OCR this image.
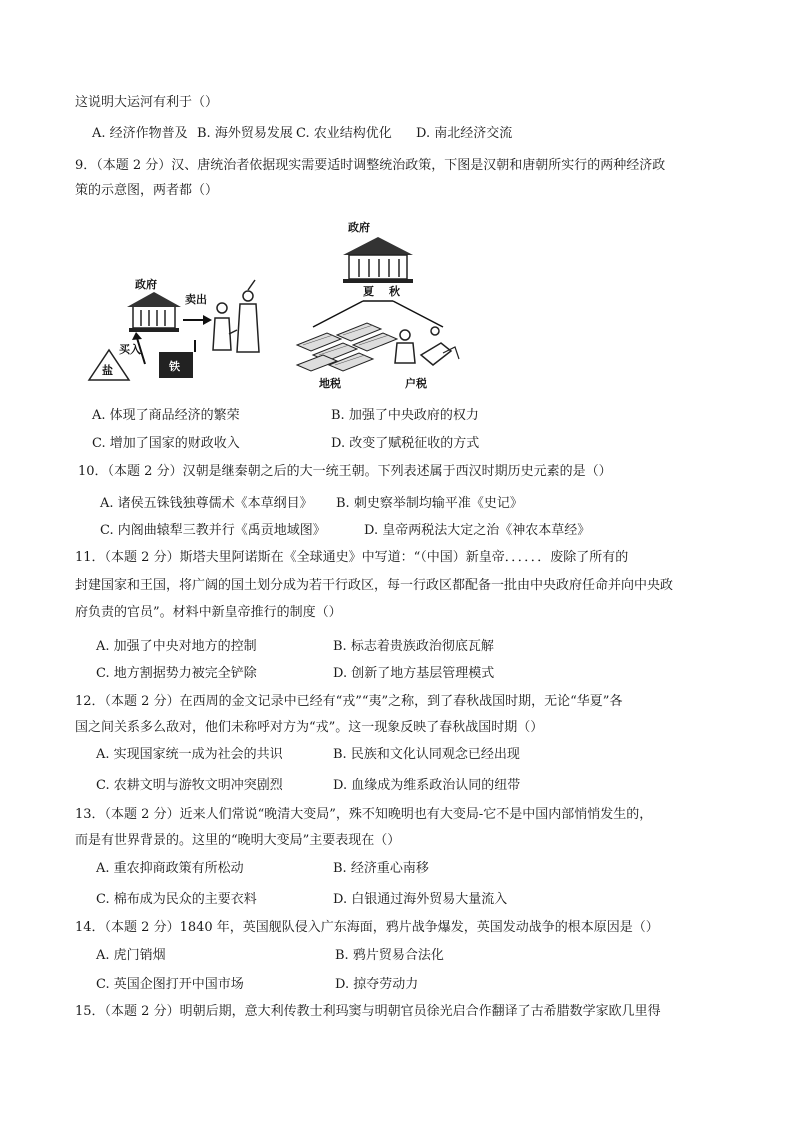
这说明大运河有利于（）
A. 经济作物普及 B. 海外贸易发展 C. 农业结构优化 D. 南北经济交流
9．（本题 2 分）汉、唐统治者依据现实需要适时调整统治政策，下图是汉朝和唐朝所实行的两种经济政
策的示意图，两者都（）
政府
卖出
买入
盐	铁
政府
夏 秋
地税	户税
A. 体现了商品经济的繁荣	B. 加强了中央政府的权力
C. 增加了国家的财政收入	D. 改变了赋税征收的方式
10．（本题 2 分）汉朝是继秦朝之后的大一统王朝。下列表述属于西汉时期历史元素的是（）
A. 诸侯五铢钱独尊儒术《本草纲目》 B. 刺史察举制均输平准《史记》
C. 内阁曲辕犁三教并行《禹贡地域图》	D. 皇帝两税法大定之治《神农本草经》
11．（本题 2 分）斯塔夫里阿诺斯在《全球通史》中写道：“（中国）新皇帝．．．．．．废除了所有的
封建国家和王国，将广阔的国土划分成为若干行政区，每一行政区都配备一批由中央政府任命并向中央政
府负责的官员”。材料中新皇帝推行的制度（）
A. 加强了中央对地方的控制	B. 标志着贵族政治彻底瓦解
C. 地方割据势力被完全铲除	D. 创新了地方基层管理模式
12．（本题 2 分）在西周的金文记录中已经有“戎”“夷”之称，到了春秋战国时期，无论“华夏”各
国之间关系多么敌对，他们未称呼对方为“戎”。这一现象反映了春秋战国时期（）
A. 实现国家统一成为社会的共识	B. 民族和文化认同观念已经出现
C. 农耕文明与游牧文明冲突剧烈	D. 血缘成为维系政治认同的纽带
13．（本题 2 分）近来人们常说“晚清大变局”，殊不知晚明也有大变局-它不是中国内部悄悄发生的，
而是有世界背景的。这里的“晚明大变局”主要表现在（）
A. 重农抑商政策有所松动	B. 经济重心南移
C. 棉布成为民众的主要衣料	D. 白银通过海外贸易大量流入
14．（本题 2 分）1840 年，英国舰队侵入广东海面，鸦片战争爆发，英国发动战争的根本原因是（）
A. 虎门销烟	B. 鸦片贸易合法化
C. 英国企图打开中国市场	D. 掠夺劳动力
15．（本题 2 分）明朝后期，意大利传教士利玛窦与明朝官员徐光启合作翻译了古希腊数学家欧几里得
